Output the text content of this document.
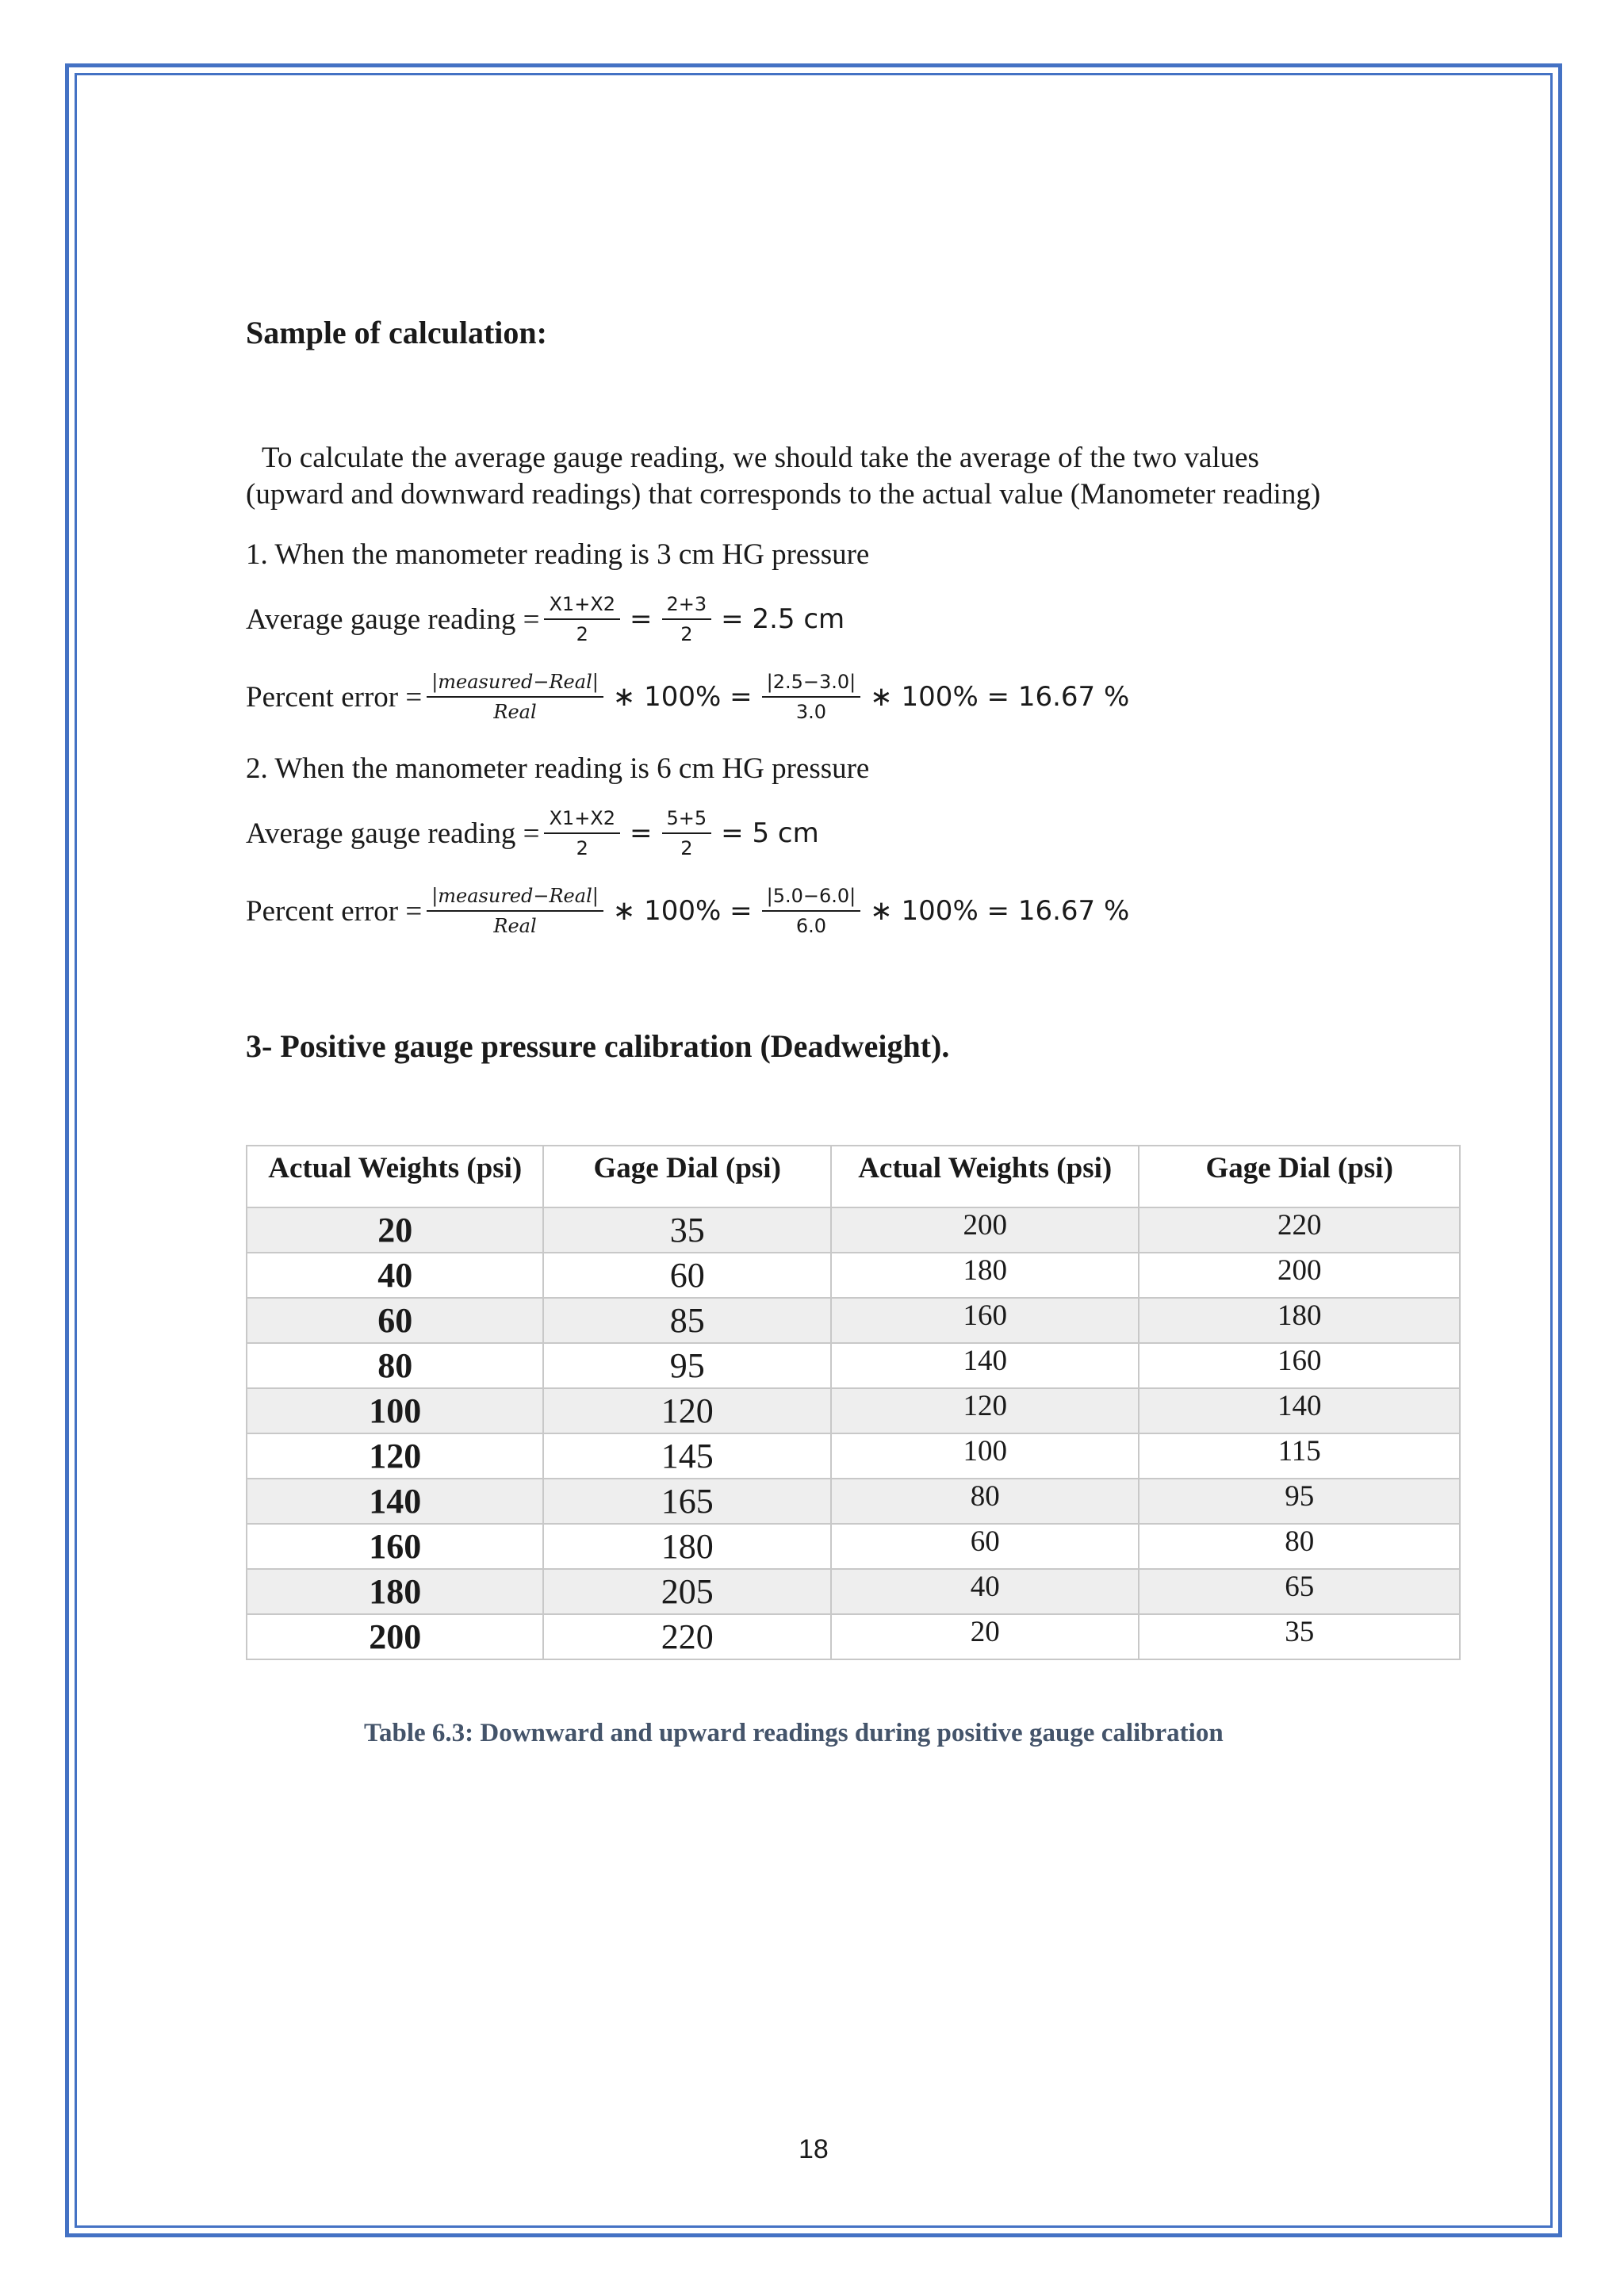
Sample of calculation:
To calculate the average gauge reading, we should take the average of the two values
(upward and downward readings) that corresponds to the actual value (Manometer reading)
1. When the manometer reading is 3 cm HG pressure
Average gauge reading = $\frac{X1+X2}{2} = \frac{2+3}{2} = 2.5$ cm
Percent error = $\frac{\text{|measured−Real|}}{\text{Real}}$ ∗ $100\% = \frac{|2.5-3.0|}{3.0}$ ∗ 100% = 16.67 %
2. When the manometer reading is 6 cm HG pressure
Average gauge reading = $\frac{X1+X2}{2} = \frac{5+5}{2} = 5$ cm
Percent error = $\frac{\text{|measured−Real|}}{\text{Real}}$ ∗ $100\% = \frac{|5.0-6.0|}{6.0}$ ∗ 100% = 16.67 %
3- Positive gauge pressure calibration (Deadweight).
Actual Weights (psi)	Gage Dial (psi)	Actual Weights (psi)	Gage Dial (psi)
20	35	200	220
40	60	180	200
60	85	160	180
80	95	140	160
100	120	120	140
120	145	100	115
140	165	80	95
160	180	60	80
180	205	40	65
200	220	20	35
Table 6.3: Downward and upward readings during positive gauge calibration
18
